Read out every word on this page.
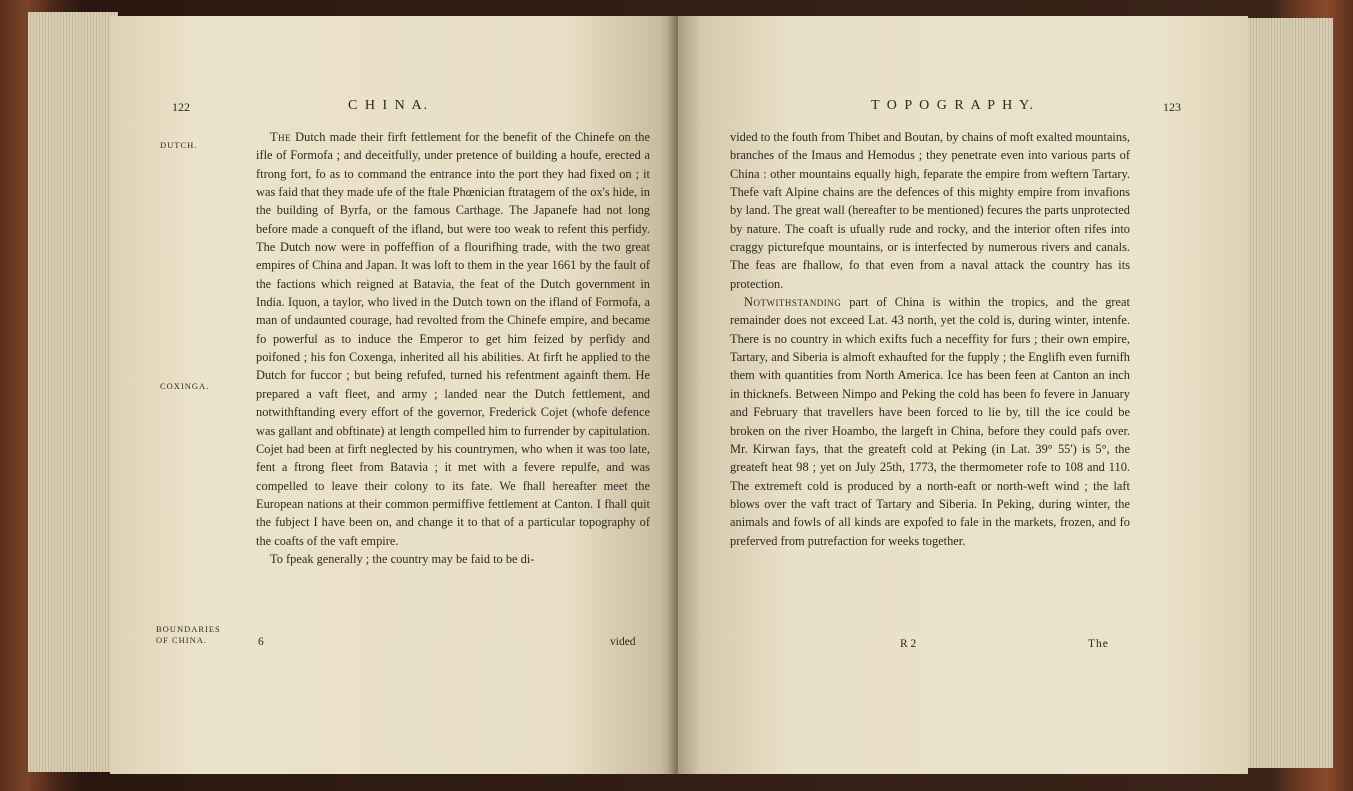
122	C H I N A.
DUTCH.
COXINGA.
BOUNDARIES
OF CHINA.

The Dutch made their firft fettlement for the benefit of the Chinefe on the ifle of Formofa ; and deceitfully, under pretence of building a houfe, erected a ftrong fort, fo as to command the entrance into the port they had fixed on ; it was faid that they made ufe of the ftale Phœnician ftratagem of the ox's hide, in the building of Byrfa, or the famous Carthage. The Japanefe had not long before made a conqueft of the ifland, but were too weak to refent this perfidy. The Dutch now were in poffeffion of a flourifhing trade, with the two great empires of China and Japan. It was loft to them in the year 1661 by the fault of the factions which reigned at Batavia, the feat of the Dutch government in India. Iquon, a taylor, who lived in the Dutch town on the ifland of Formofa, a man of undaunted courage, had revolted from the Chinefe empire, and became fo powerful as to induce the Emperor to get him feized by perfidy and poifoned ; his fon Coxenga, inherited all his abilities. At firft he applied to the Dutch for fuccor ; but being refufed, turned his refentment againft them. He prepared a vaft fleet, and army ; landed near the Dutch fettlement, and notwithftanding every effort of the governor, Frederick Cojet (whofe defence was gallant and obftinate) at length compelled him to furrender by capitulation. Cojet had been at firft neglected by his countrymen, who when it was too late, fent a ftrong fleet from Batavia ; it met with a fevere repulfe, and was compelled to leave their colony to its fate. We fhall hereafter meet the European nations at their common permiffive fettlement at Canton. I fhall quit the fubject I have been on, and change it to that of a particular topography of the coafts of the vaft empire.

To fpeak generally ; the country may be faid to be di-

6	vided
T O P O G R A P H Y.	123

vided to the fouth from Thibet and Boutan, by chains of moft exalted mountains, branches of the Imaus and Hemodus ; they penetrate even into various parts of China : other mountains equally high, feparate the empire from weftern Tartary. Thefe vaft Alpine chains are the defences of this mighty empire from invafions by land. The great wall (hereafter to be mentioned) fecures the parts unprotected by nature. The coaft is ufually rude and rocky, and the interior often rifes into craggy picturefque mountains, or is interfected by numerous rivers and canals. The feas are fhallow, fo that even from a naval attack the country has its protection.

Notwithstanding part of China is within the tropics, and the great remainder does not exceed Lat. 43 north, yet the cold is, during winter, intenfe. There is no country in which exifts fuch a neceffity for furs ; their own empire, Tartary, and Siberia is almoft exhaufted for the fupply ; the Englifh even furnifh them with quantities from North America. Ice has been feen at Canton an inch in thicknefs. Between Nimpo and Peking the cold has been fo fevere in January and February that travellers have been forced to lie by, till the ice could be broken on the river Hoambo, the largeft in China, before they could pafs over. Mr. Kirwan fays, that the greateft cold at Peking (in Lat. 39° 55') is 5°, the greateft heat 98 ; yet on July 25th, 1773, the thermometer rofe to 108 and 110. The extremeft cold is produced by a north-eaft or north-weft wind ; the laft blows over the vaft tract of Tartary and Siberia. In Peking, during winter, the animals and fowls of all kinds are expofed to fale in the markets, frozen, and fo preferved from putrefaction for weeks together.

R 2	The
